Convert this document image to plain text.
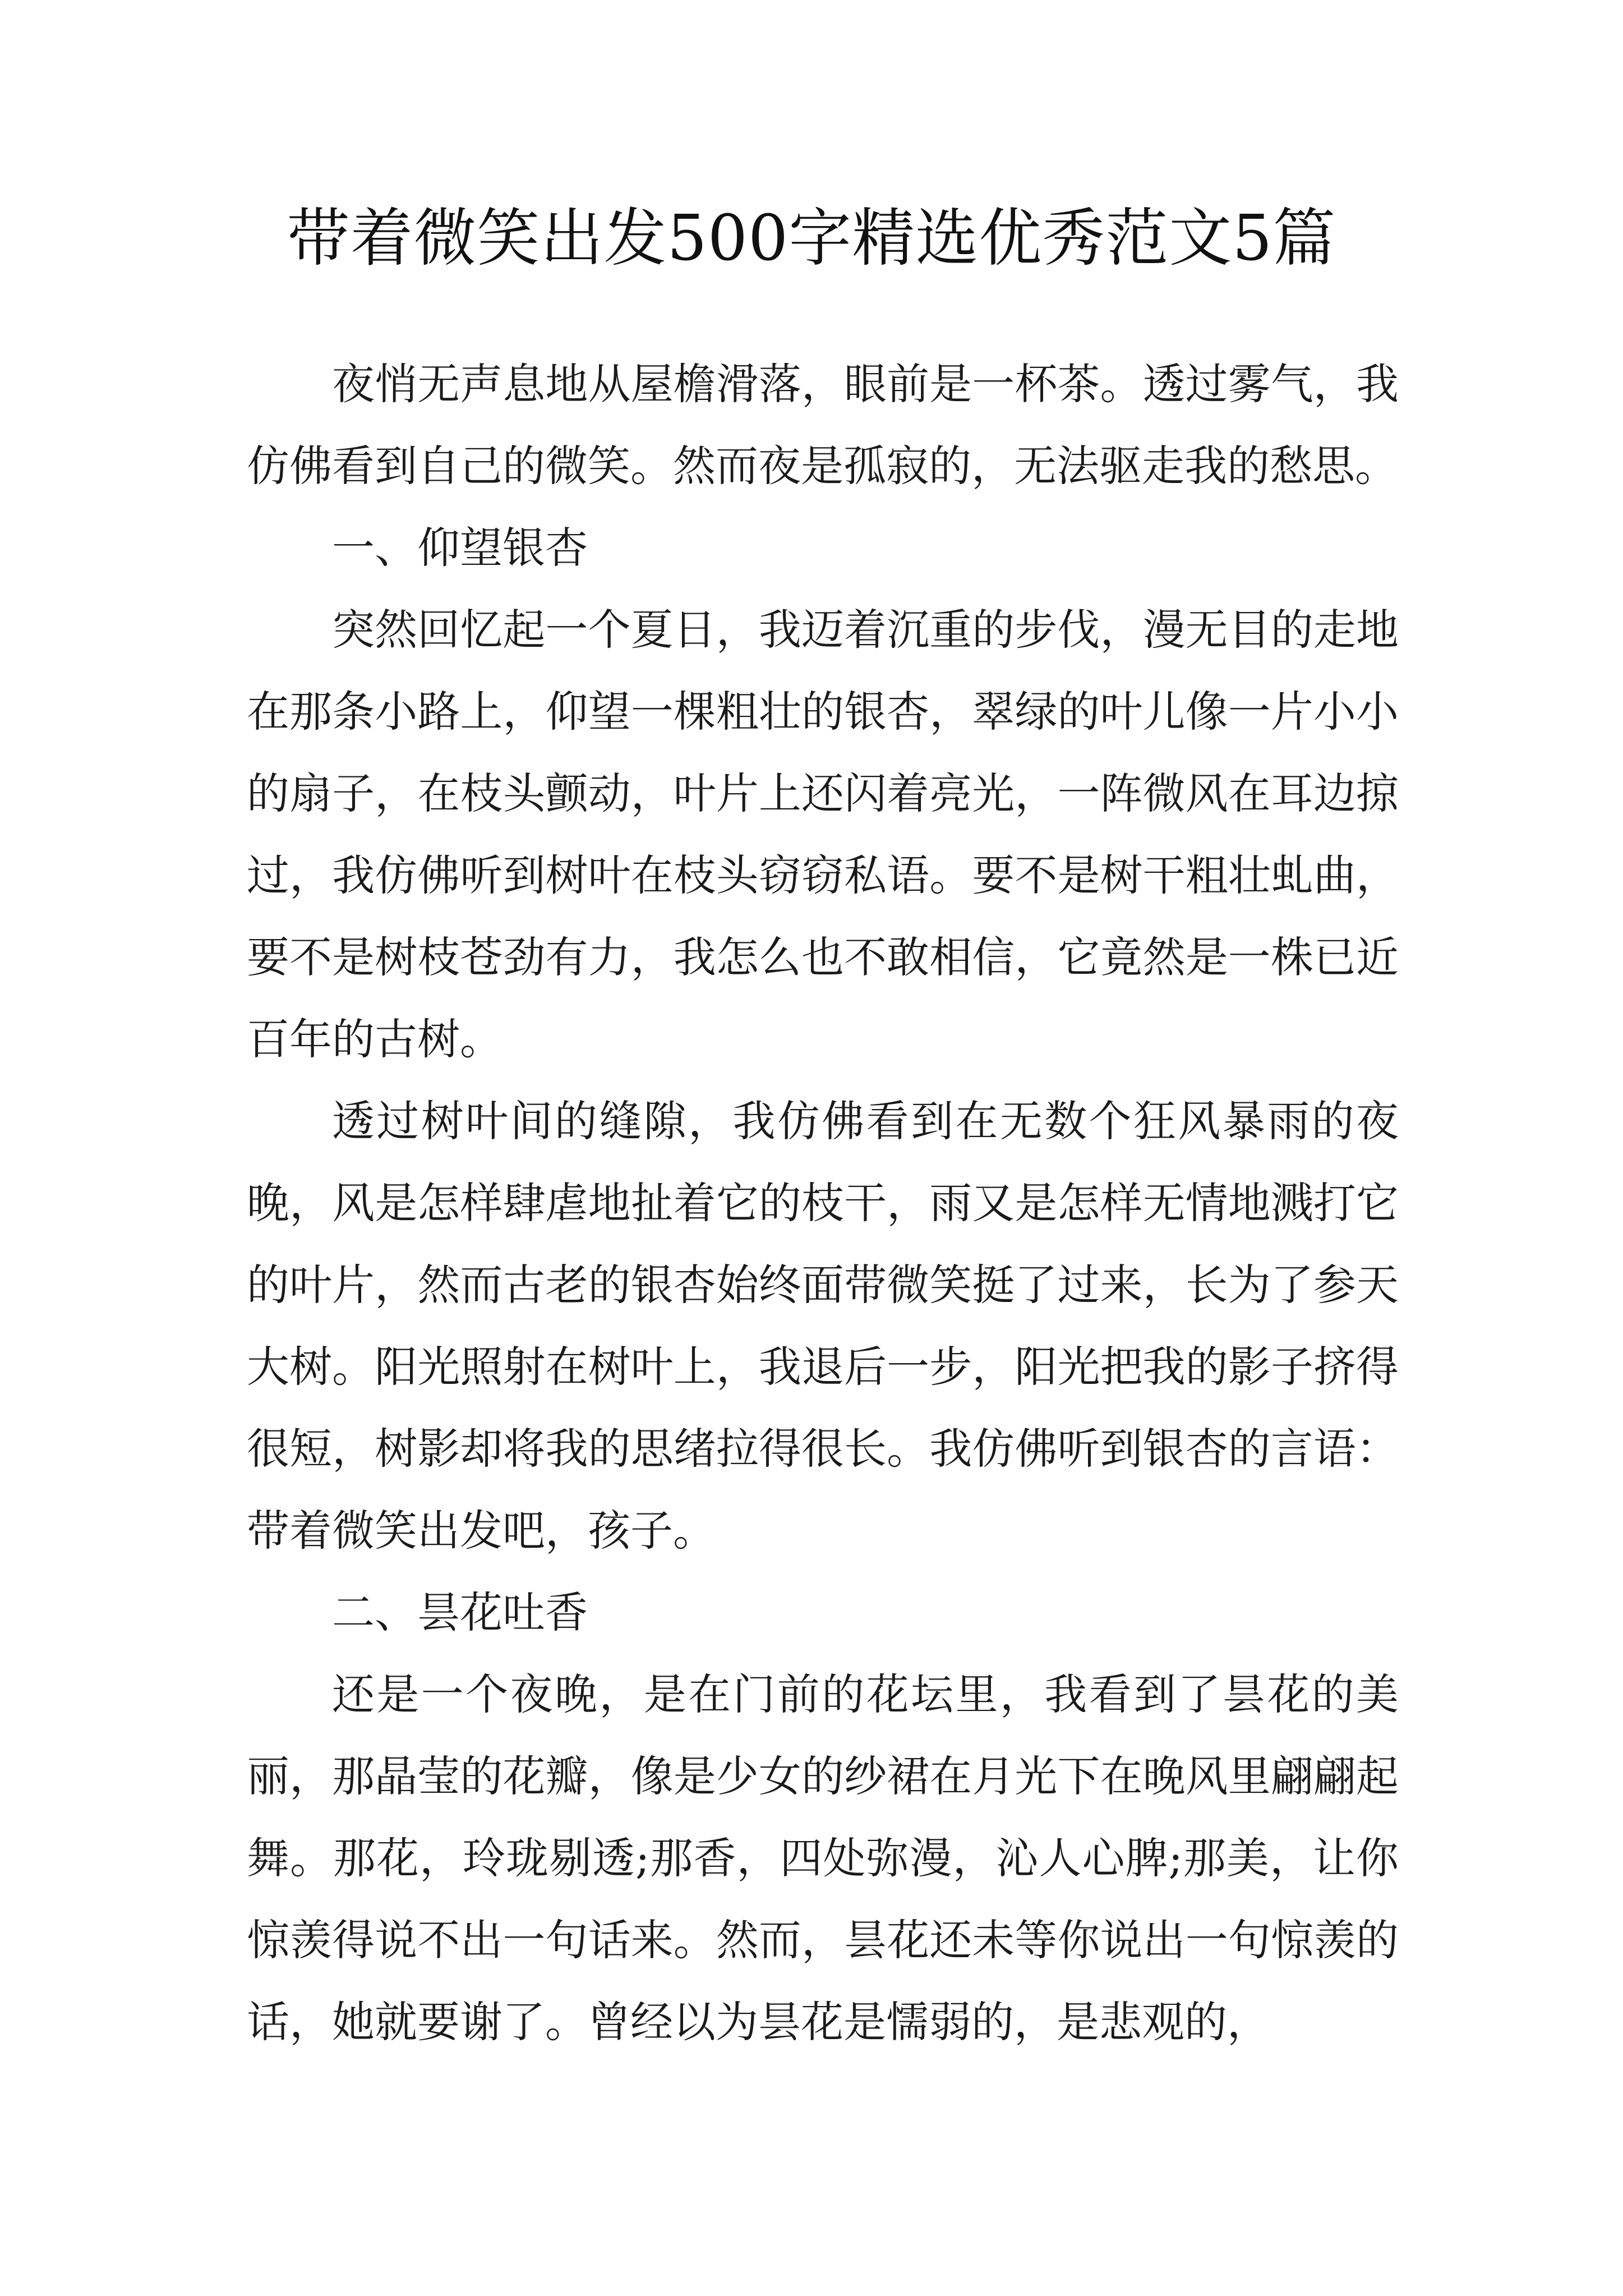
带着微笑出发500字精选优秀范文5篇

夜悄无声息地从屋檐滑落，眼前是一杯茶。透过雾气，我仿佛看到自己的微笑。然而夜是孤寂的，无法驱走我的愁思。

一、仰望银杏

突然回忆起一个夏日，我迈着沉重的步伐，漫无目的走地在那条小路上，仰望一棵粗壮的银杏，翠绿的叶儿像一片小小的扇子，在枝头颤动，叶片上还闪着亮光，一阵微风在耳边掠过，我仿佛听到树叶在枝头窃窃私语。要不是树干粗壮虬曲，要不是树枝苍劲有力，我怎么也不敢相信，它竟然是一株已近百年的古树。

透过树叶间的缝隙，我仿佛看到在无数个狂风暴雨的夜晚，风是怎样肆虐地扯着它的枝干，雨又是怎样无情地溅打它的叶片，然而古老的银杏始终面带微笑挺了过来，长为了参天大树。阳光照射在树叶上，我退后一步，阳光把我的影子挤得很短，树影却将我的思绪拉得很长。我仿佛听到银杏的言语：带着微笑出发吧，孩子。

二、昙花吐香

还是一个夜晚，是在门前的花坛里，我看到了昙花的美丽，那晶莹的花瓣，像是少女的纱裙在月光下在晚风里翩翩起舞。那花，玲珑剔透;那香，四处弥漫，沁人心脾;那美，让你惊羡得说不出一句话来。然而，昙花还未等你说出一句惊羡的话，她就要谢了。曾经以为昙花是懦弱的，是悲观的，
